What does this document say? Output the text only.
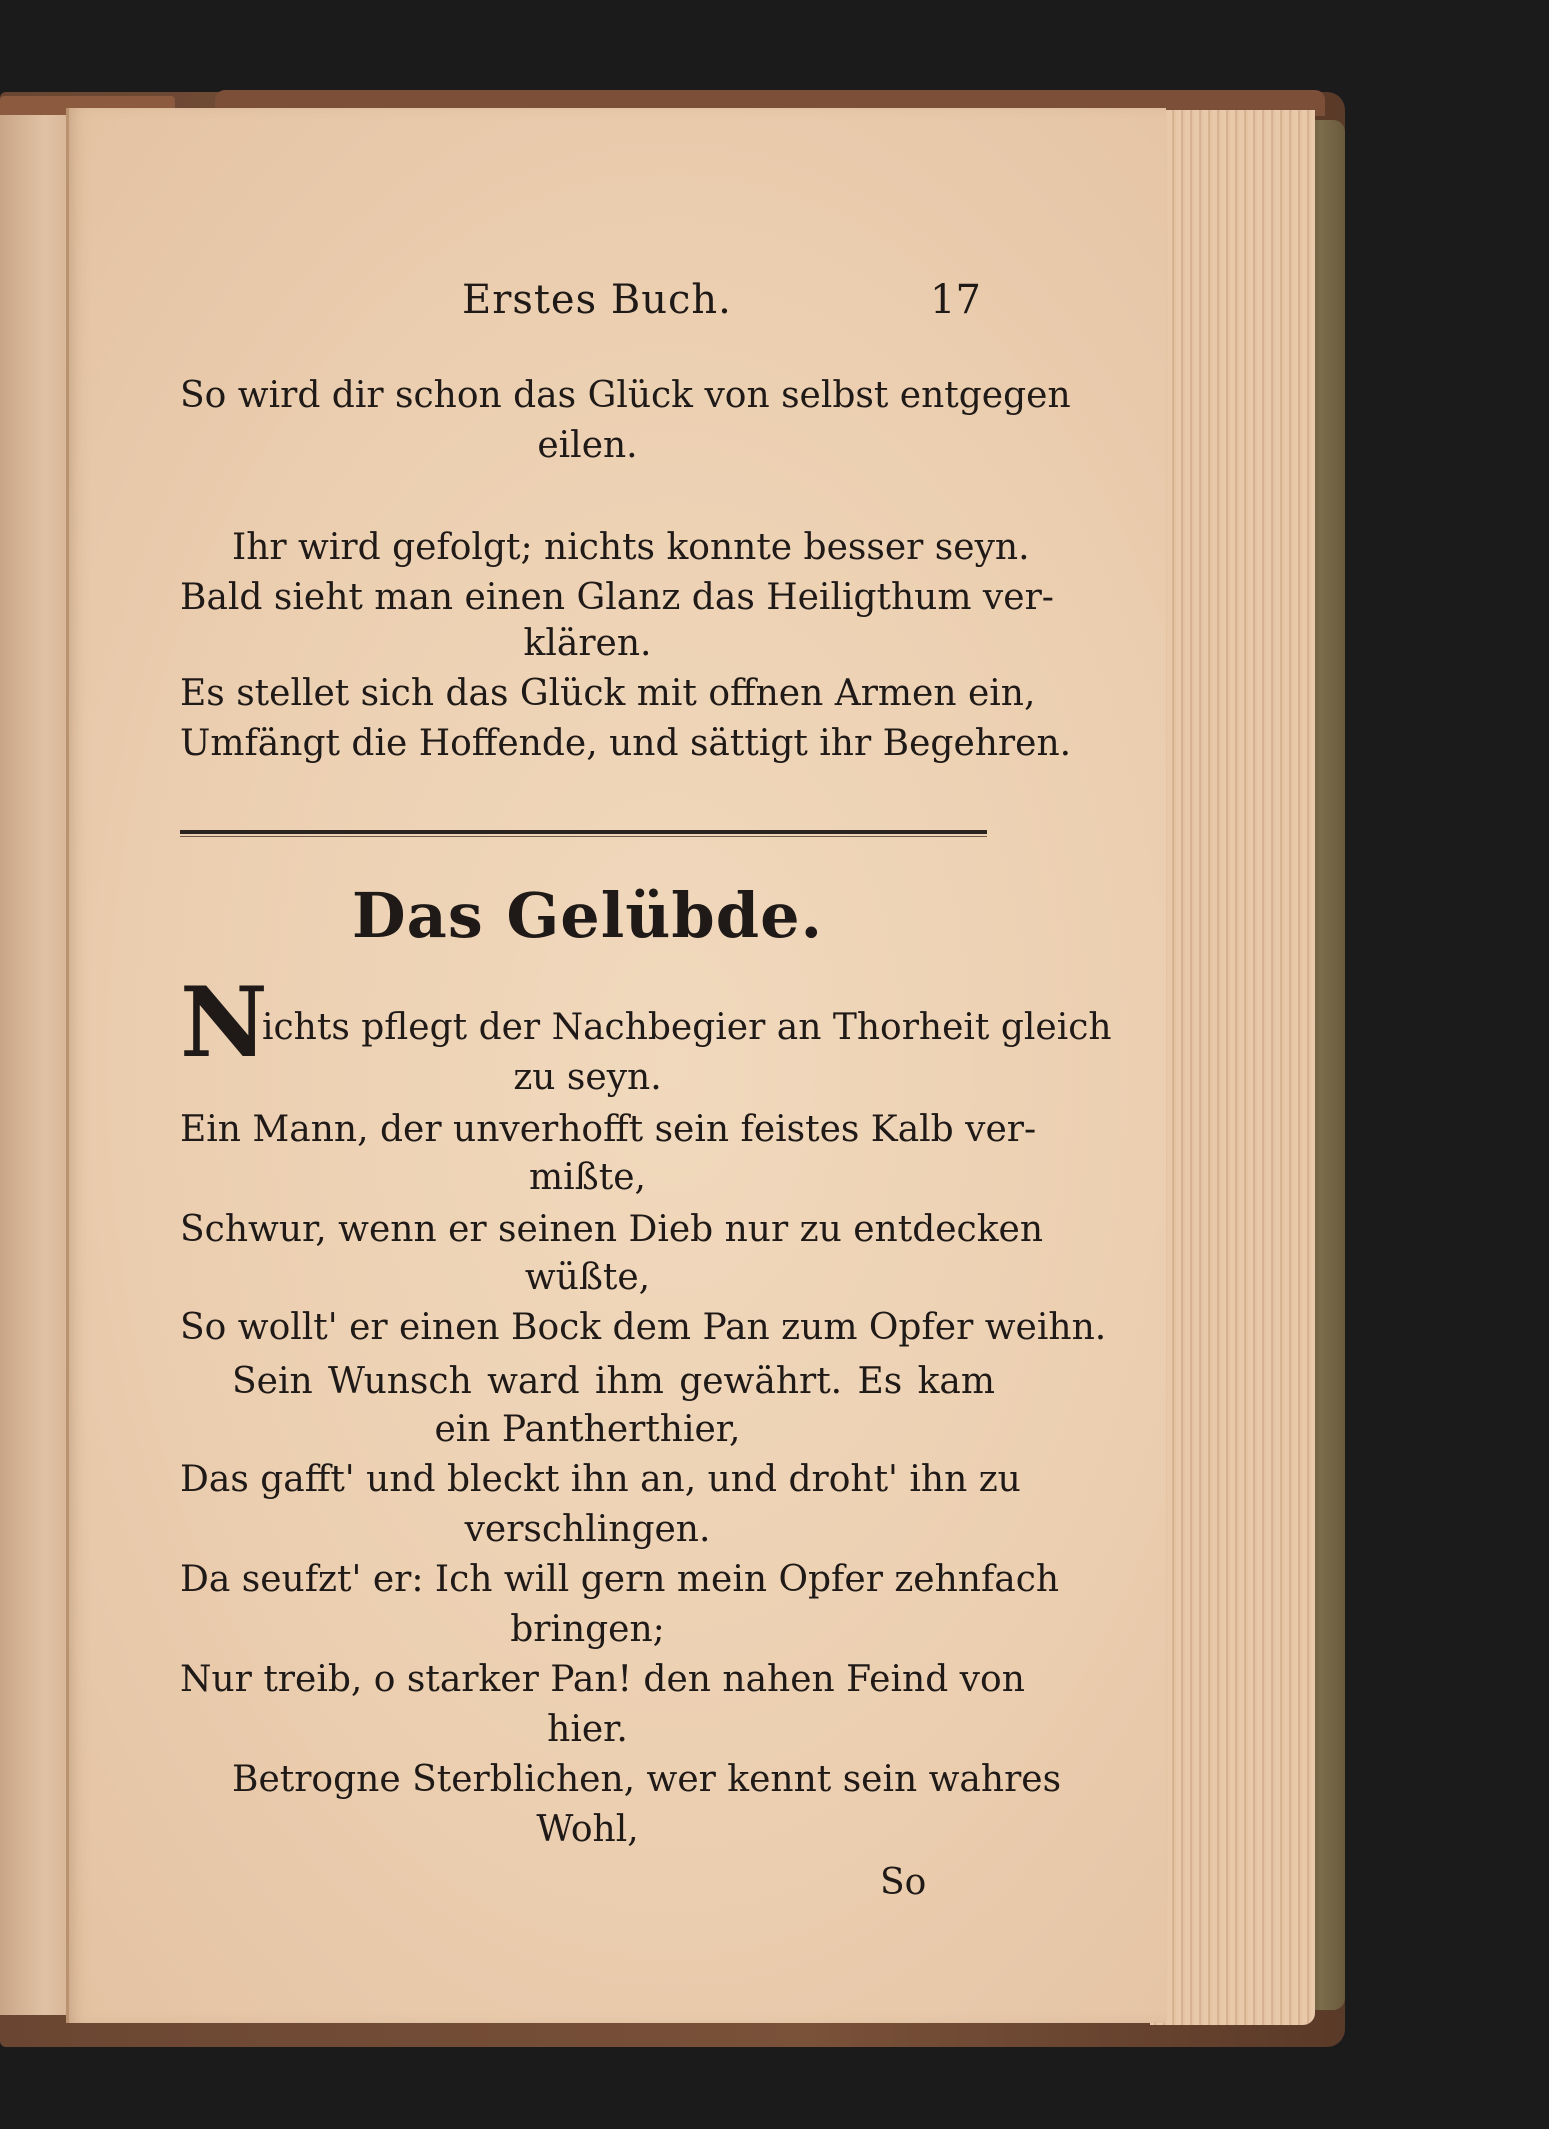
Erstes Buch.	17
So wird dir schon das Glück von selbst entgegen
eilen.
Ihr wird gefolgt; nichts konnte besser seyn.
Bald sieht man einen Glanz das Heiligthum ver-
klären.
Es stellet sich das Glück mit offnen Armen ein,
Umfängt die Hoffende, und sättigt ihr Begehren.
Das Gelübde.
N
ichts pflegt der Nachbegier an Thorheit gleich
zu seyn.
Ein Mann, der unverhofft sein feistes Kalb ver-
mißte,
Schwur, wenn er seinen Dieb nur zu entdecken
wüßte,
So wollt' er einen Bock dem Pan zum Opfer weihn.
Sein Wunsch ward ihm gewährt. Es kam
ein Pantherthier,
Das gafft' und bleckt ihn an, und droht' ihn zu
verschlingen.
Da seufzt' er: Ich will gern mein Opfer zehnfach
bringen;
Nur treib, o starker Pan! den nahen Feind von
hier.
Betrogne Sterblichen, wer kennt sein wahres
Wohl,
So
